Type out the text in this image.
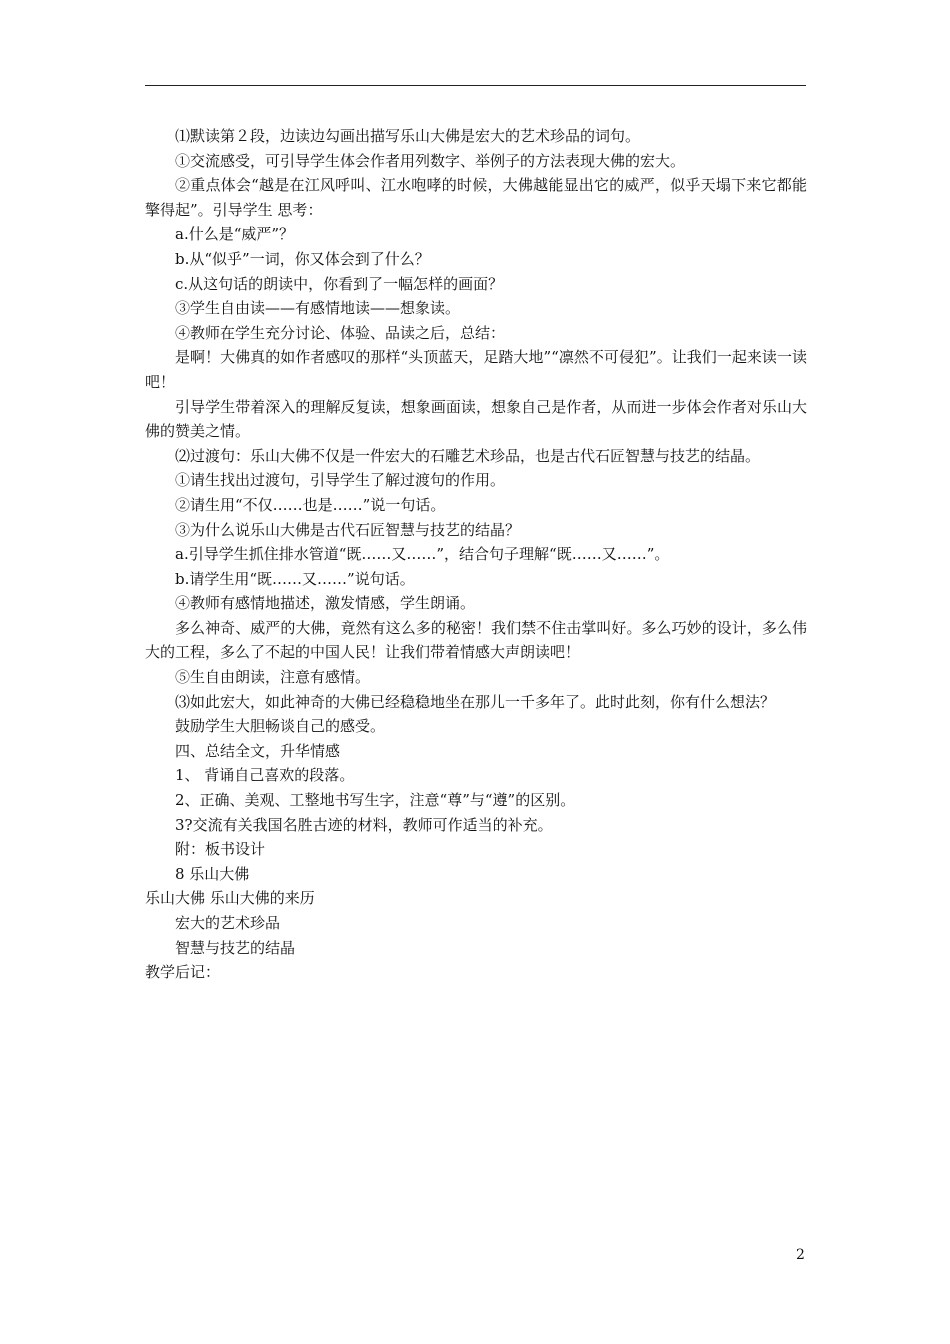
⑴默读第２段，边读边勾画出描写乐山大佛是宏大的艺术珍品的词句。

①交流感受，可引导学生体会作者用列数字、举例子的方法表现大佛的宏大。

②重点体会“越是在江风呼叫、江水咆哮的时候，大佛越能显出它的威严，似乎天塌下来它都能擎得起”。引导学生 思考：

a.什么是“威严”？

b.从“似乎”一词，你又体会到了什么？

c.从这句话的朗读中，你看到了一幅怎样的画面？

③学生自由读——有感情地读——想象读。

④教师在学生充分讨论、体验、品读之后，总结：

是啊！大佛真的如作者感叹的那样“头顶蓝天，足踏大地”“凛然不可侵犯”。让我们一起来读一读吧！

引导学生带着深入的理解反复读，想象画面读，想象自己是作者，从而进一步体会作者对乐山大佛的赞美之情。

⑵过渡句：乐山大佛不仅是一件宏大的石雕艺术珍品，也是古代石匠智慧与技艺的结晶。

①请生找出过渡句，引导学生了解过渡句的作用。

②请生用“不仅……也是……”说一句话。

③为什么说乐山大佛是古代石匠智慧与技艺的结晶？

a.引导学生抓住排水管道“既……又……”，结合句子理解“既……又……”。

b.请学生用“既……又……”说句话。

④教师有感情地描述，激发情感，学生朗诵。

多么神奇、威严的大佛，竟然有这么多的秘密！我们禁不住击掌叫好。多么巧妙的设计，多么伟大的工程，多么了不起的中国人民！让我们带着情感大声朗读吧！

⑤生自由朗读，注意有感情。

⑶如此宏大，如此神奇的大佛已经稳稳地坐在那儿一千多年了。此时此刻，你有什么想法？

鼓励学生大胆畅谈自己的感受。

四、总结全文，升华情感

1、 背诵自己喜欢的段落。

2、正确、美观、工整地书写生字，注意“尊”与“遵”的区别。

3?交流有关我国名胜古迹的材料，教师可作适当的补充。

附：板书设计

8 乐山大佛

乐山大佛 乐山大佛的来历

宏大的艺术珍品

智慧与技艺的结晶

教学后记：

2
